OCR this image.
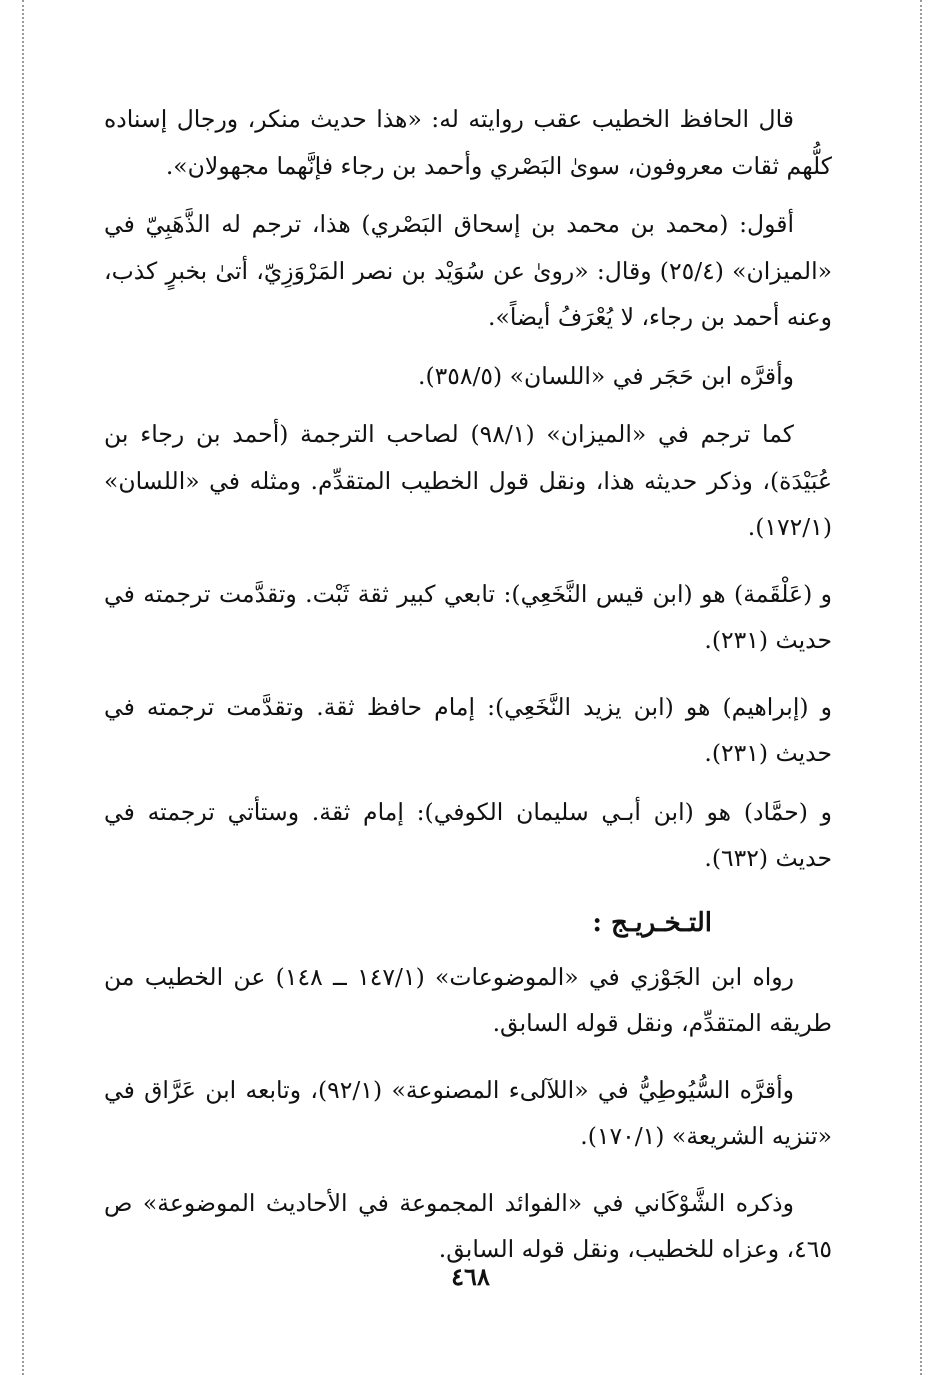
قال الحافظ الخطيب عقب روايته له: «هذا حديث منكر، ورجال إسناده كلُّهم ثقات معروفون، سوىٰ البَصْري وأحمد بن رجاء فإنَّهما مجهولان».

أقول: (محمد بن محمد بن إسحاق البَصْري) هذا، ترجم له الذَّهَبِيّ في «الميزان» (٢٥/٤) وقال: «روىٰ عن سُوَيْد بن نصر المَرْوَزِيّ، أتىٰ بخبرٍ كذب، وعنه أحمد بن رجاء، لا يُعْرَفُ أيضاً».

وأقرَّه ابن حَجَر في «اللسان» (٣٥٨/٥).

كما ترجم في «الميزان» (٩٨/١) لصاحب الترجمة (أحمد بن رجاء بن عُبَيْدَة)، وذكر حديثه هذا، ونقل قول الخطيب المتقدِّم. ومثله في «اللسان» (١٧٢/١).

و (عَلْقَمة) هو (ابن قيس النَّخَعِي): تابعي كبير ثقة ثَبْت. وتقدَّمت ترجمته في حديث (٢٣١).

و (إبراهيم) هو (ابن يزيد النَّخَعِي): إمام حافظ ثقة. وتقدَّمت ترجمته في حديث (٢٣١).

و (حمَّاد) هو (ابن أبـي سليمان الكوفي): إمام ثقة. وستأتي ترجمته في حديث (٦٣٢).

التـخـريـج :

رواه ابن الجَوْزي في «الموضوعات» (١٤٧/١ ــ ١٤٨) عن الخطيب من طريقه المتقدِّم، ونقل قوله السابق.

وأقرَّه السُّيُوطِيُّ في «اللآلىء المصنوعة» (٩٢/١)، وتابعه ابن عَرَّاق في «تنزيه الشريعة» (١٧٠/١).

وذكره الشَّوْكَاني في «الفوائد المجموعة في الأحاديث الموضوعة» ص ٤٦٥، وعزاه للخطيب، ونقل قوله السابق.

٤٦٨
